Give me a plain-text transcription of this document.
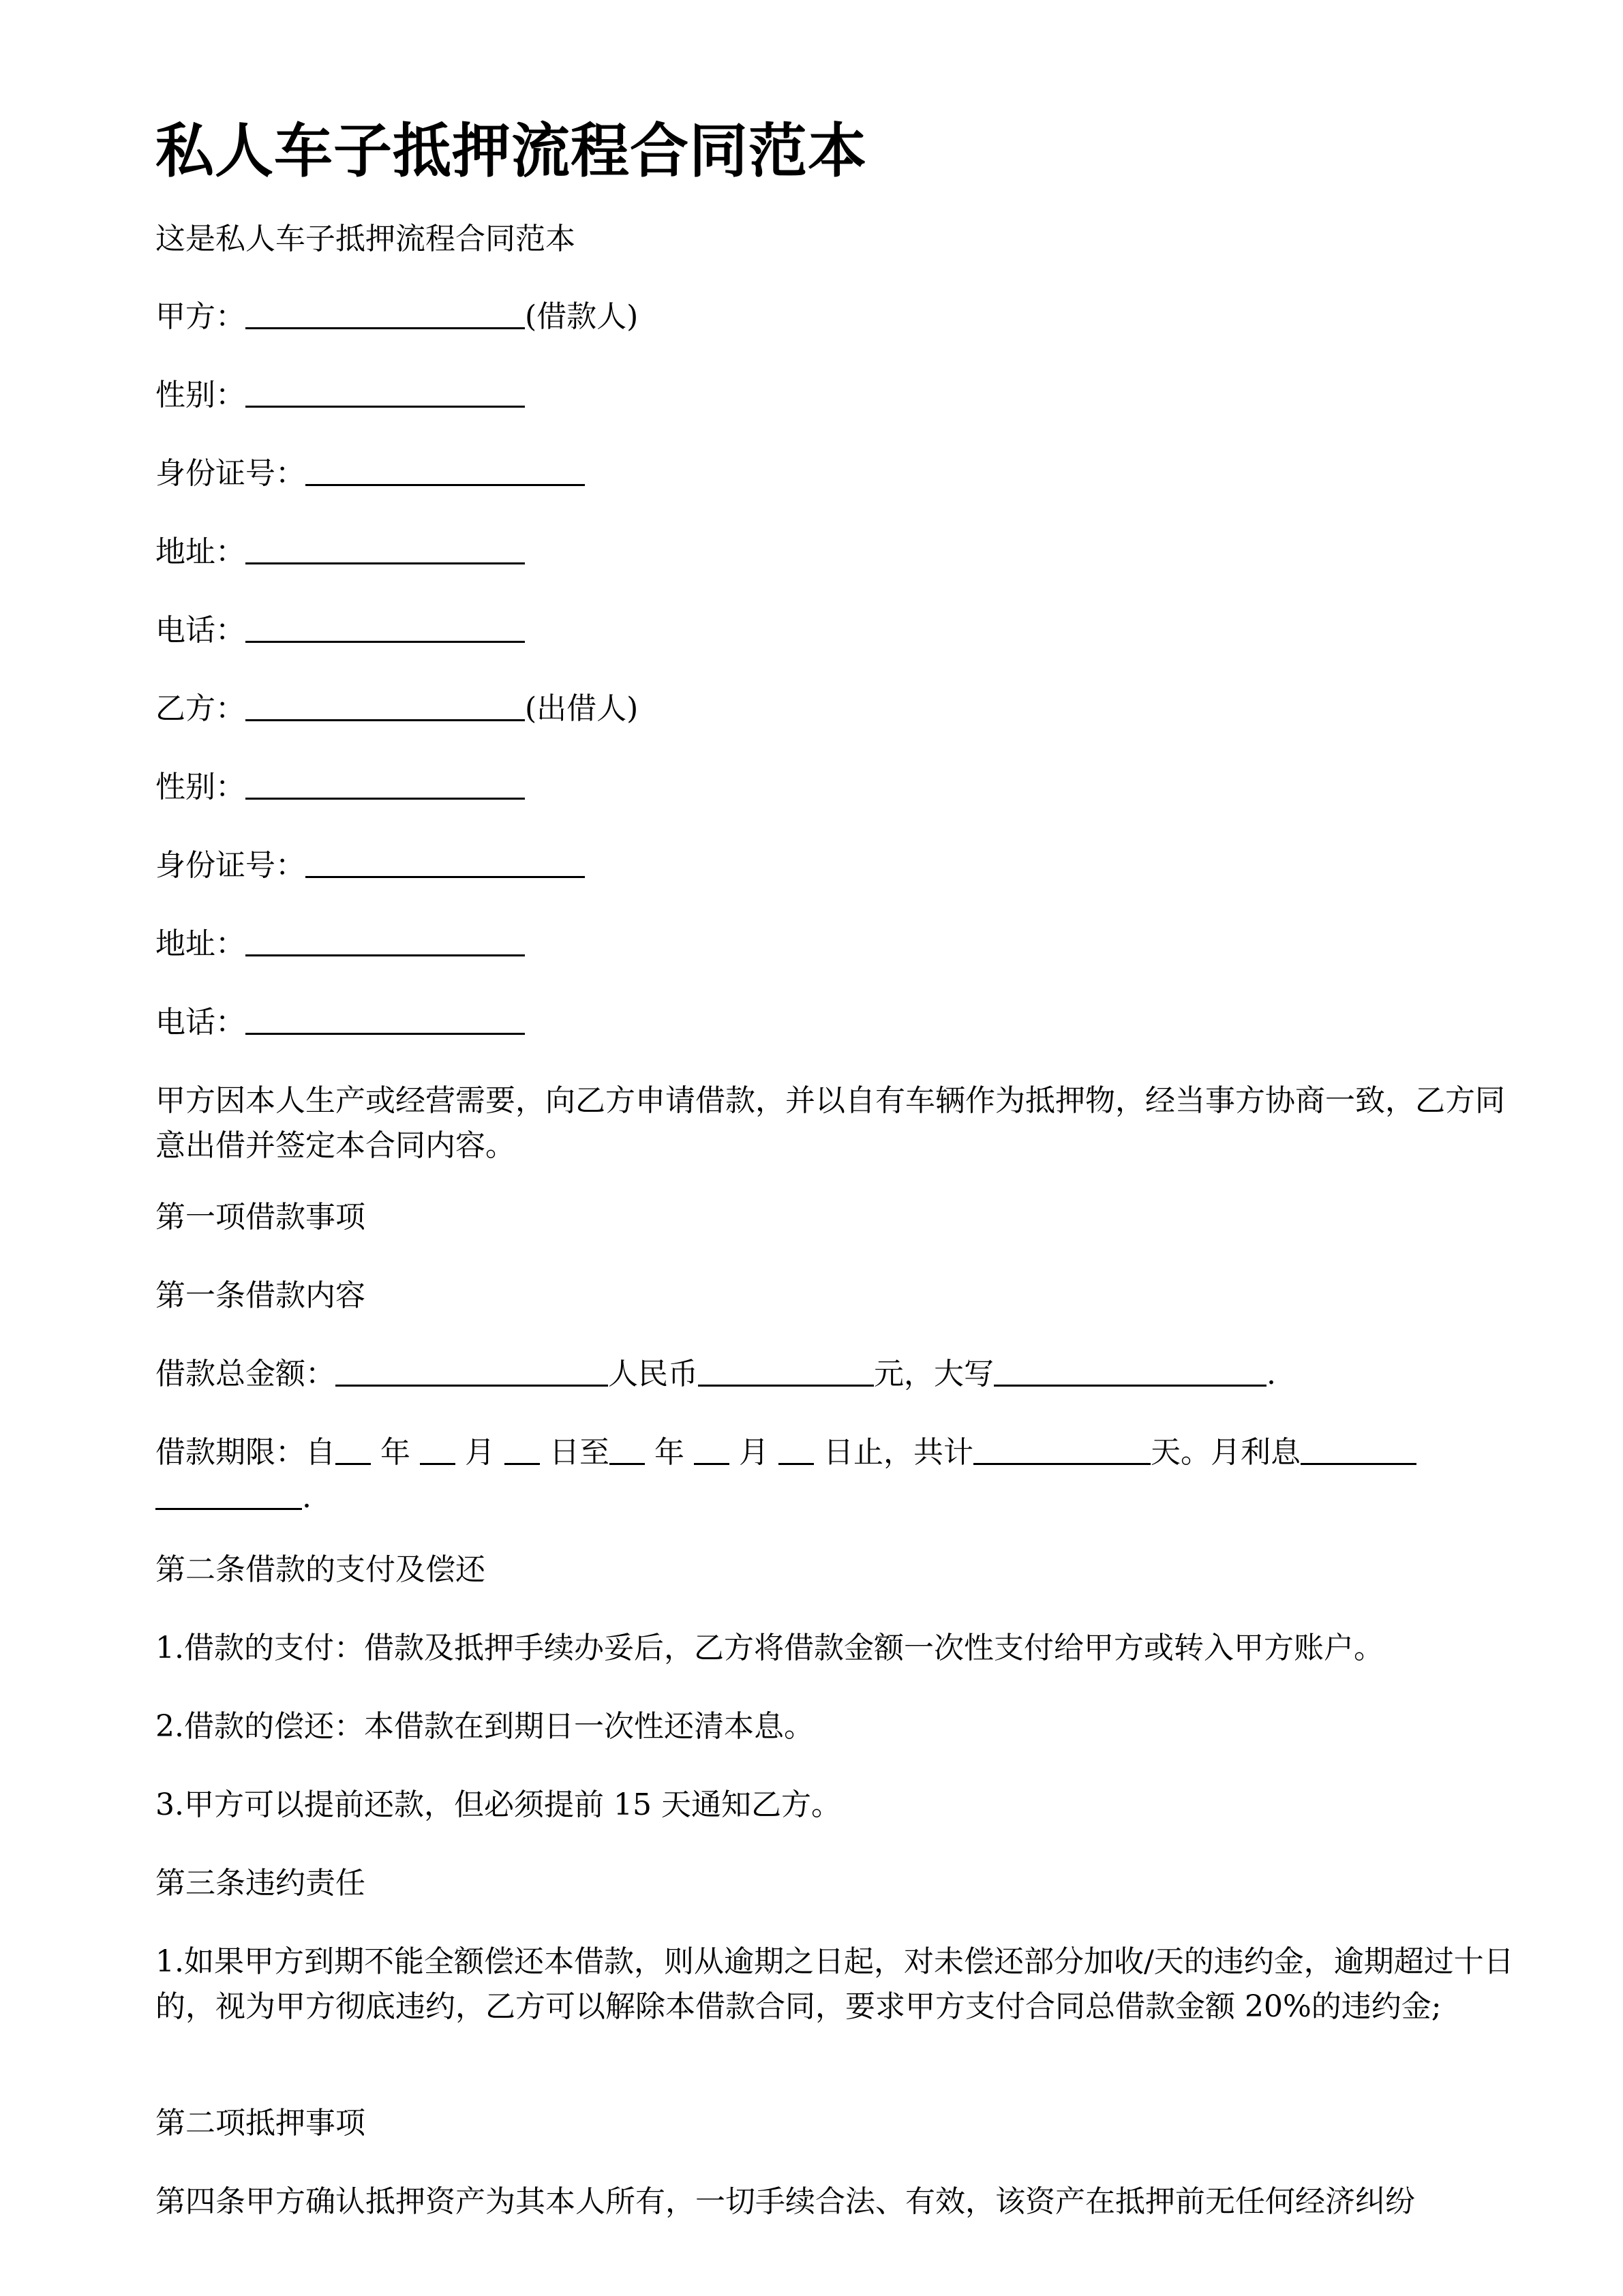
私人车子抵押流程合同范本
这是私人车子抵押流程合同范本
甲方：	(借款人)
性别：
身份证号：
地址：
电话：
乙方：	(出借人)
性别：
身份证号：
地址：
电话：
甲方因本人生产或经营需要，向乙方申请借款，并以自有车辆作为抵押物，经当事方协商一致，乙方同意出借并签定本合同内容。
第一项借款事项
第一条借款内容
借款总金额：	人民币	元，大写	.
借款期限：自 年 月 日至 年 月 日止，共计	天。月利息
.
第二条借款的支付及偿还
1.借款的支付：借款及抵押手续办妥后，乙方将借款金额一次性支付给甲方或转入甲方账户。
2.借款的偿还：本借款在到期日一次性还清本息。
3.甲方可以提前还款，但必须提前 15 天通知乙方。
第三条违约责任
1.如果甲方到期不能全额偿还本借款，则从逾期之日起，对未偿还部分加收/天的违约金，逾期超过十日的，视为甲方彻底违约，乙方可以解除本借款合同，要求甲方支付合同总借款金额 20%的违约金;
第二项抵押事项
第四条甲方确认抵押资产为其本人所有，一切手续合法、有效，该资产在抵押前无任何经济纠纷
